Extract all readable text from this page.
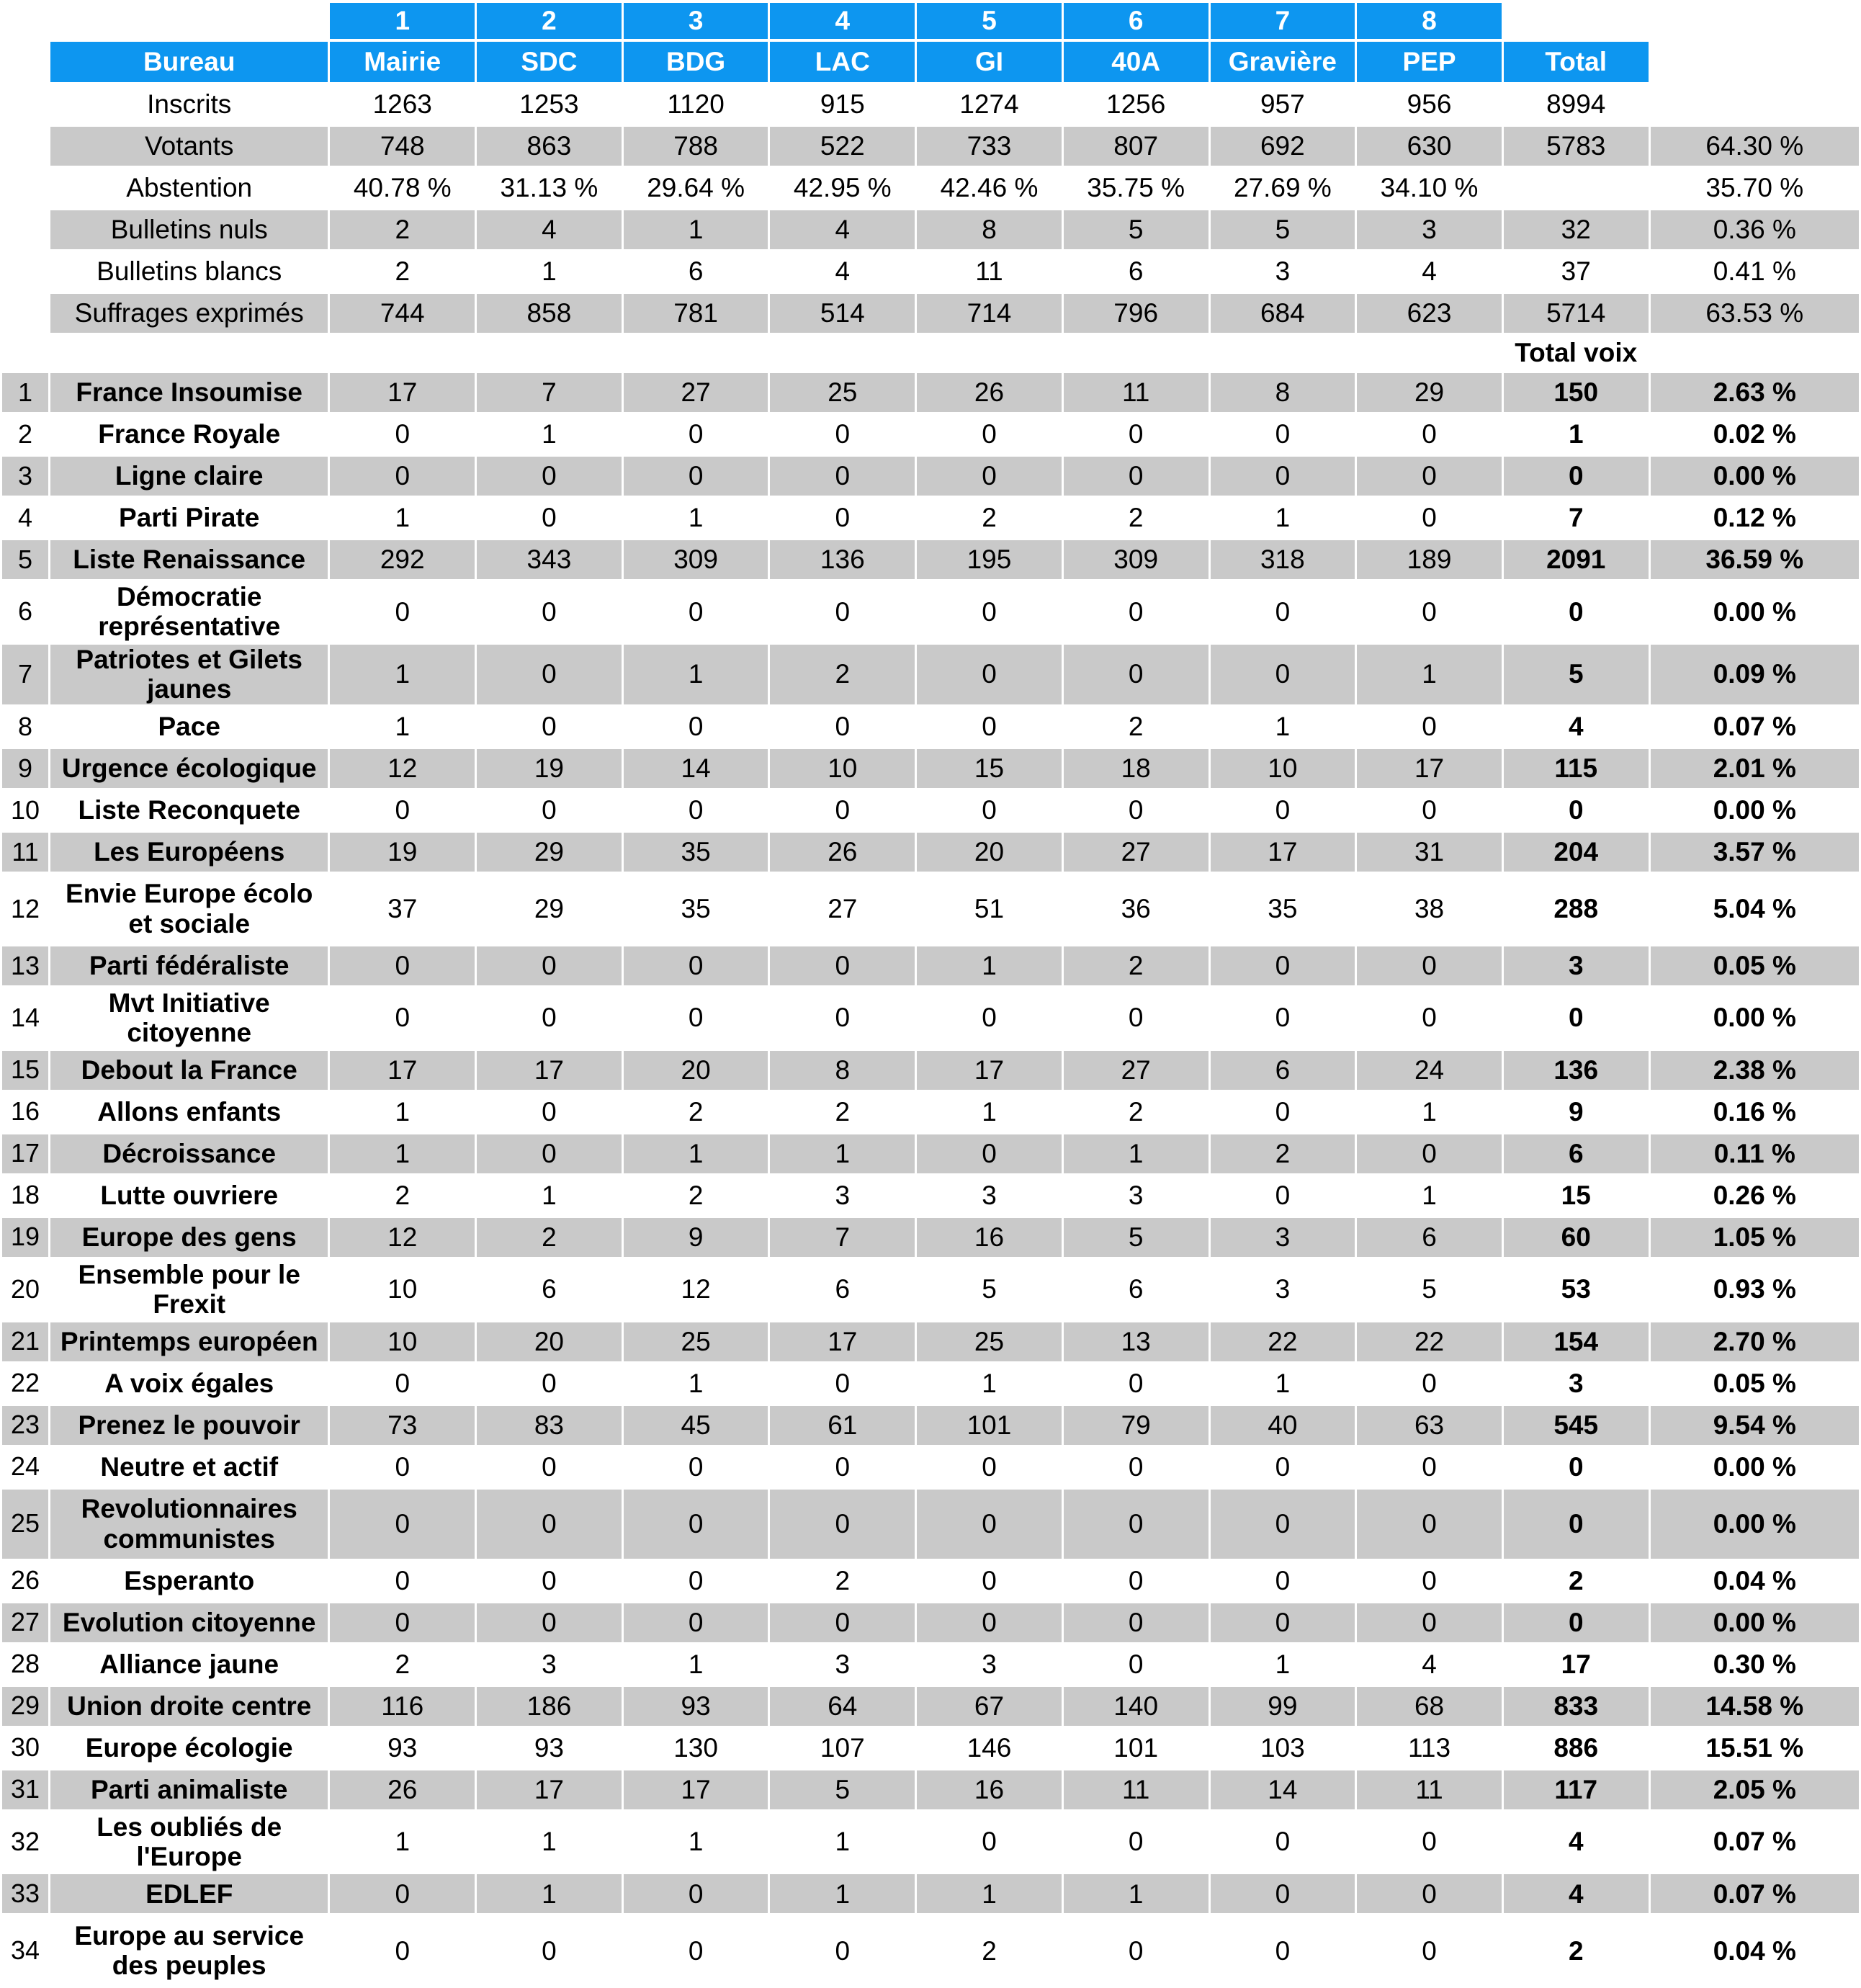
		1	2	3	4	5	6	7	8		
	Bureau	Mairie	SDC	BDG	LAC	GI	40A	Gravière	PEP	Total	
	Inscrits	1263	1253	1120	915	1274	1256	957	956	8994	
	Votants	748	863	788	522	733	807	692	630	5783	64.30 %
	Abstention	40.78 %	31.13 %	29.64 %	42.95 %	42.46 %	35.75 %	27.69 %	34.10 %		35.70 %
	Bulletins nuls	2	4	1	4	8	5	5	3	32	0.36 %
	Bulletins blancs	2	1	6	4	11	6	3	4	37	0.41 %
	Suffrages exprimés	744	858	781	514	714	796	684	623	5714	63.53 %
										Total voix	
1	France Insoumise	17	7	27	25	26	11	8	29	150	2.63 %
2	France Royale	0	1	0	0	0	0	0	0	1	0.02 %
3	Ligne claire	0	0	0	0	0	0	0	0	0	0.00 %
4	Parti Pirate	1	0	1	0	2	2	1	0	7	0.12 %
5	Liste Renaissance	292	343	309	136	195	309	318	189	2091	36.59 %
6	Démocratie représentative	0	0	0	0	0	0	0	0	0	0.00 %
7	Patriotes et Gilets jaunes	1	0	1	2	0	0	0	1	5	0.09 %
8	Pace	1	0	0	0	0	2	1	0	4	0.07 %
9	Urgence écologique	12	19	14	10	15	18	10	17	115	2.01 %
10	Liste Reconquete	0	0	0	0	0	0	0	0	0	0.00 %
11	Les Européens	19	29	35	26	20	27	17	31	204	3.57 %
12	Envie Europe écolo et sociale	37	29	35	27	51	36	35	38	288	5.04 %
13	Parti fédéraliste	0	0	0	0	1	2	0	0	3	0.05 %
14	Mvt Initiative citoyenne	0	0	0	0	0	0	0	0	0	0.00 %
15	Debout la France	17	17	20	8	17	27	6	24	136	2.38 %
16	Allons enfants	1	0	2	2	1	2	0	1	9	0.16 %
17	Décroissance	1	0	1	1	0	1	2	0	6	0.11 %
18	Lutte ouvriere	2	1	2	3	3	3	0	1	15	0.26 %
19	Europe des gens	12	2	9	7	16	5	3	6	60	1.05 %
20	Ensemble pour le Frexit	10	6	12	6	5	6	3	5	53	0.93 %
21	Printemps européen	10	20	25	17	25	13	22	22	154	2.70 %
22	A voix égales	0	0	1	0	1	0	1	0	3	0.05 %
23	Prenez le pouvoir	73	83	45	61	101	79	40	63	545	9.54 %
24	Neutre et actif	0	0	0	0	0	0	0	0	0	0.00 %
25	Revolutionnaires communistes	0	0	0	0	0	0	0	0	0	0.00 %
26	Esperanto	0	0	0	2	0	0	0	0	2	0.04 %
27	Evolution citoyenne	0	0	0	0	0	0	0	0	0	0.00 %
28	Alliance jaune	2	3	1	3	3	0	1	4	17	0.30 %
29	Union droite centre	116	186	93	64	67	140	99	68	833	14.58 %
30	Europe écologie	93	93	130	107	146	101	103	113	886	15.51 %
31	Parti animaliste	26	17	17	5	16	11	14	11	117	2.05 %
32	Les oubliés de l'Europe	1	1	1	1	0	0	0	0	4	0.07 %
33	EDLEF	0	1	0	1	1	1	0	0	4	0.07 %
34	Europe au service des peuples	0	0	0	0	2	0	0	0	2	0.04 %
